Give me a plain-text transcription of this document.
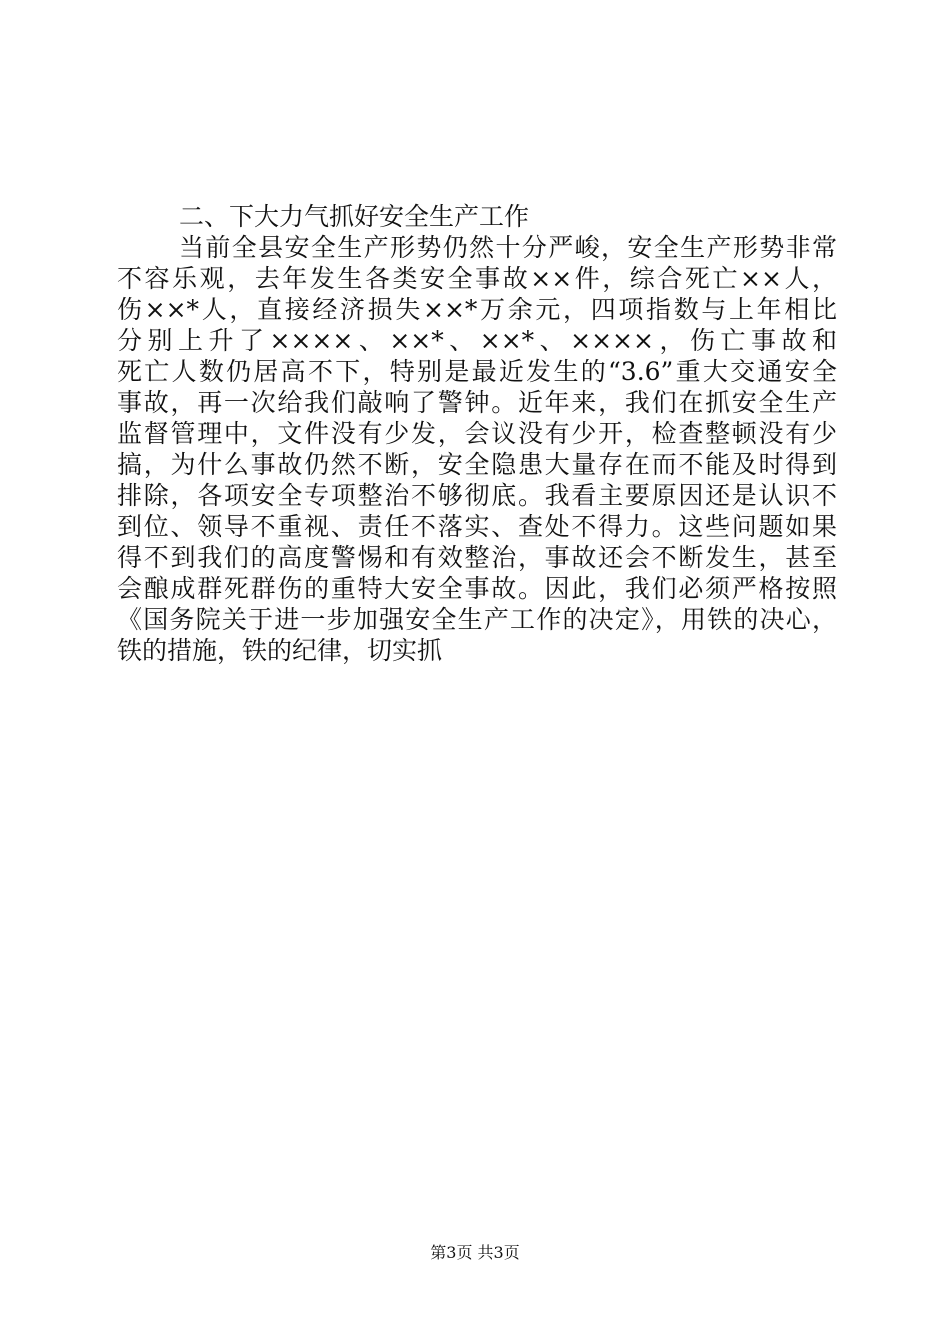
二、下大力气抓好安全生产工作
当前全县安全生产形势仍然十分严峻，安全生产形势非常
不容乐观，去年发生各类安全事故××件，综合死亡××人，
伤××*人，直接经济损失××*万余元，四项指数与上年相比
分别上升了××××、××*、××*、××××，伤亡事故和
死亡人数仍居高不下，特别是最近发生的“3.6”重大交通安全
事故，再一次给我们敲响了警钟。近年来，我们在抓安全生产
监督管理中，文件没有少发，会议没有少开，检查整顿没有少
搞，为什么事故仍然不断，安全隐患大量存在而不能及时得到
排除，各项安全专项整治不够彻底。我看主要原因还是认识不
到位、领导不重视、责任不落实、查处不得力。这些问题如果
得不到我们的高度警惕和有效整治，事故还会不断发生，甚至
会酿成群死群伤的重特大安全事故。因此，我们必须严格按照
《国务院关于进一步加强安全生产工作的决定》，用铁的决心，
铁的措施，铁的纪律，切实抓
第3页 共3页
